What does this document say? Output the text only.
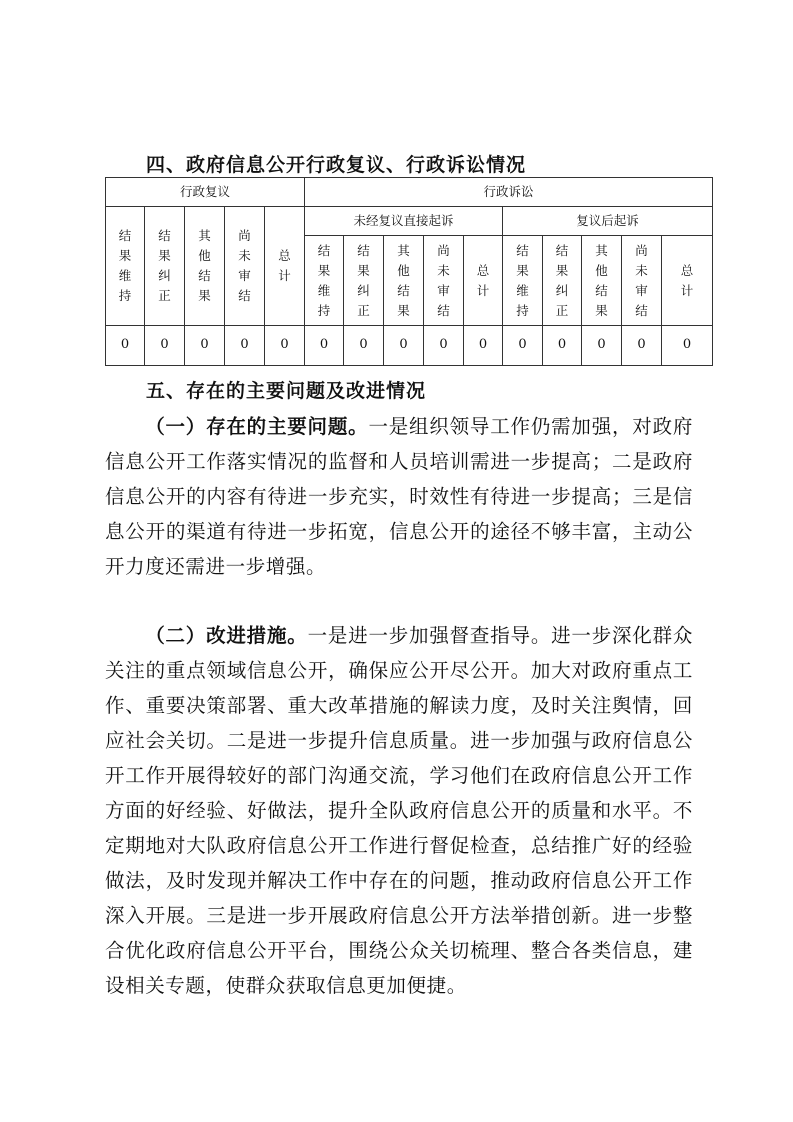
四、政府信息公开行政复议、行政诉讼情况
行政复议					行政诉讼									
结果维持	结果纠正	其他结果	尚未审结	总计	未经复议直接起诉					复议后起诉				
					结果维持	结果纠正	其他结果	尚未审结	总计	结果维持	结果纠正	其他结果	尚未审结	总计
0	0	0	0	0	0	0	0	0	0	0	0	0	0	0
五、存在的主要问题及改进情况

（一）存在的主要问题。一是组织领导工作仍需加强，对政府信息公开工作落实情况的监督和人员培训需进一步提高；二是政府信息公开的内容有待进一步充实，时效性有待进一步提高；三是信息公开的渠道有待进一步拓宽，信息公开的途径不够丰富，主动公开力度还需进一步增强。

（二）改进措施。一是进一步加强督查指导。进一步深化群众关注的重点领域信息公开，确保应公开尽公开。加大对政府重点工作、重要决策部署、重大改革措施的解读力度，及时关注舆情，回应社会关切。二是进一步提升信息质量。进一步加强与政府信息公开工作开展得较好的部门沟通交流，学习他们在政府信息公开工作方面的好经验、好做法，提升全队政府信息公开的质量和水平。不定期地对大队政府信息公开工作进行督促检查，总结推广好的经验做法，及时发现并解决工作中存在的问题，推动政府信息公开工作深入开展。三是进一步开展政府信息公开方法举措创新。进一步整合优化政府信息公开平台，围绕公众关切梳理、整合各类信息，建设相关专题，使群众获取信息更加便捷。
